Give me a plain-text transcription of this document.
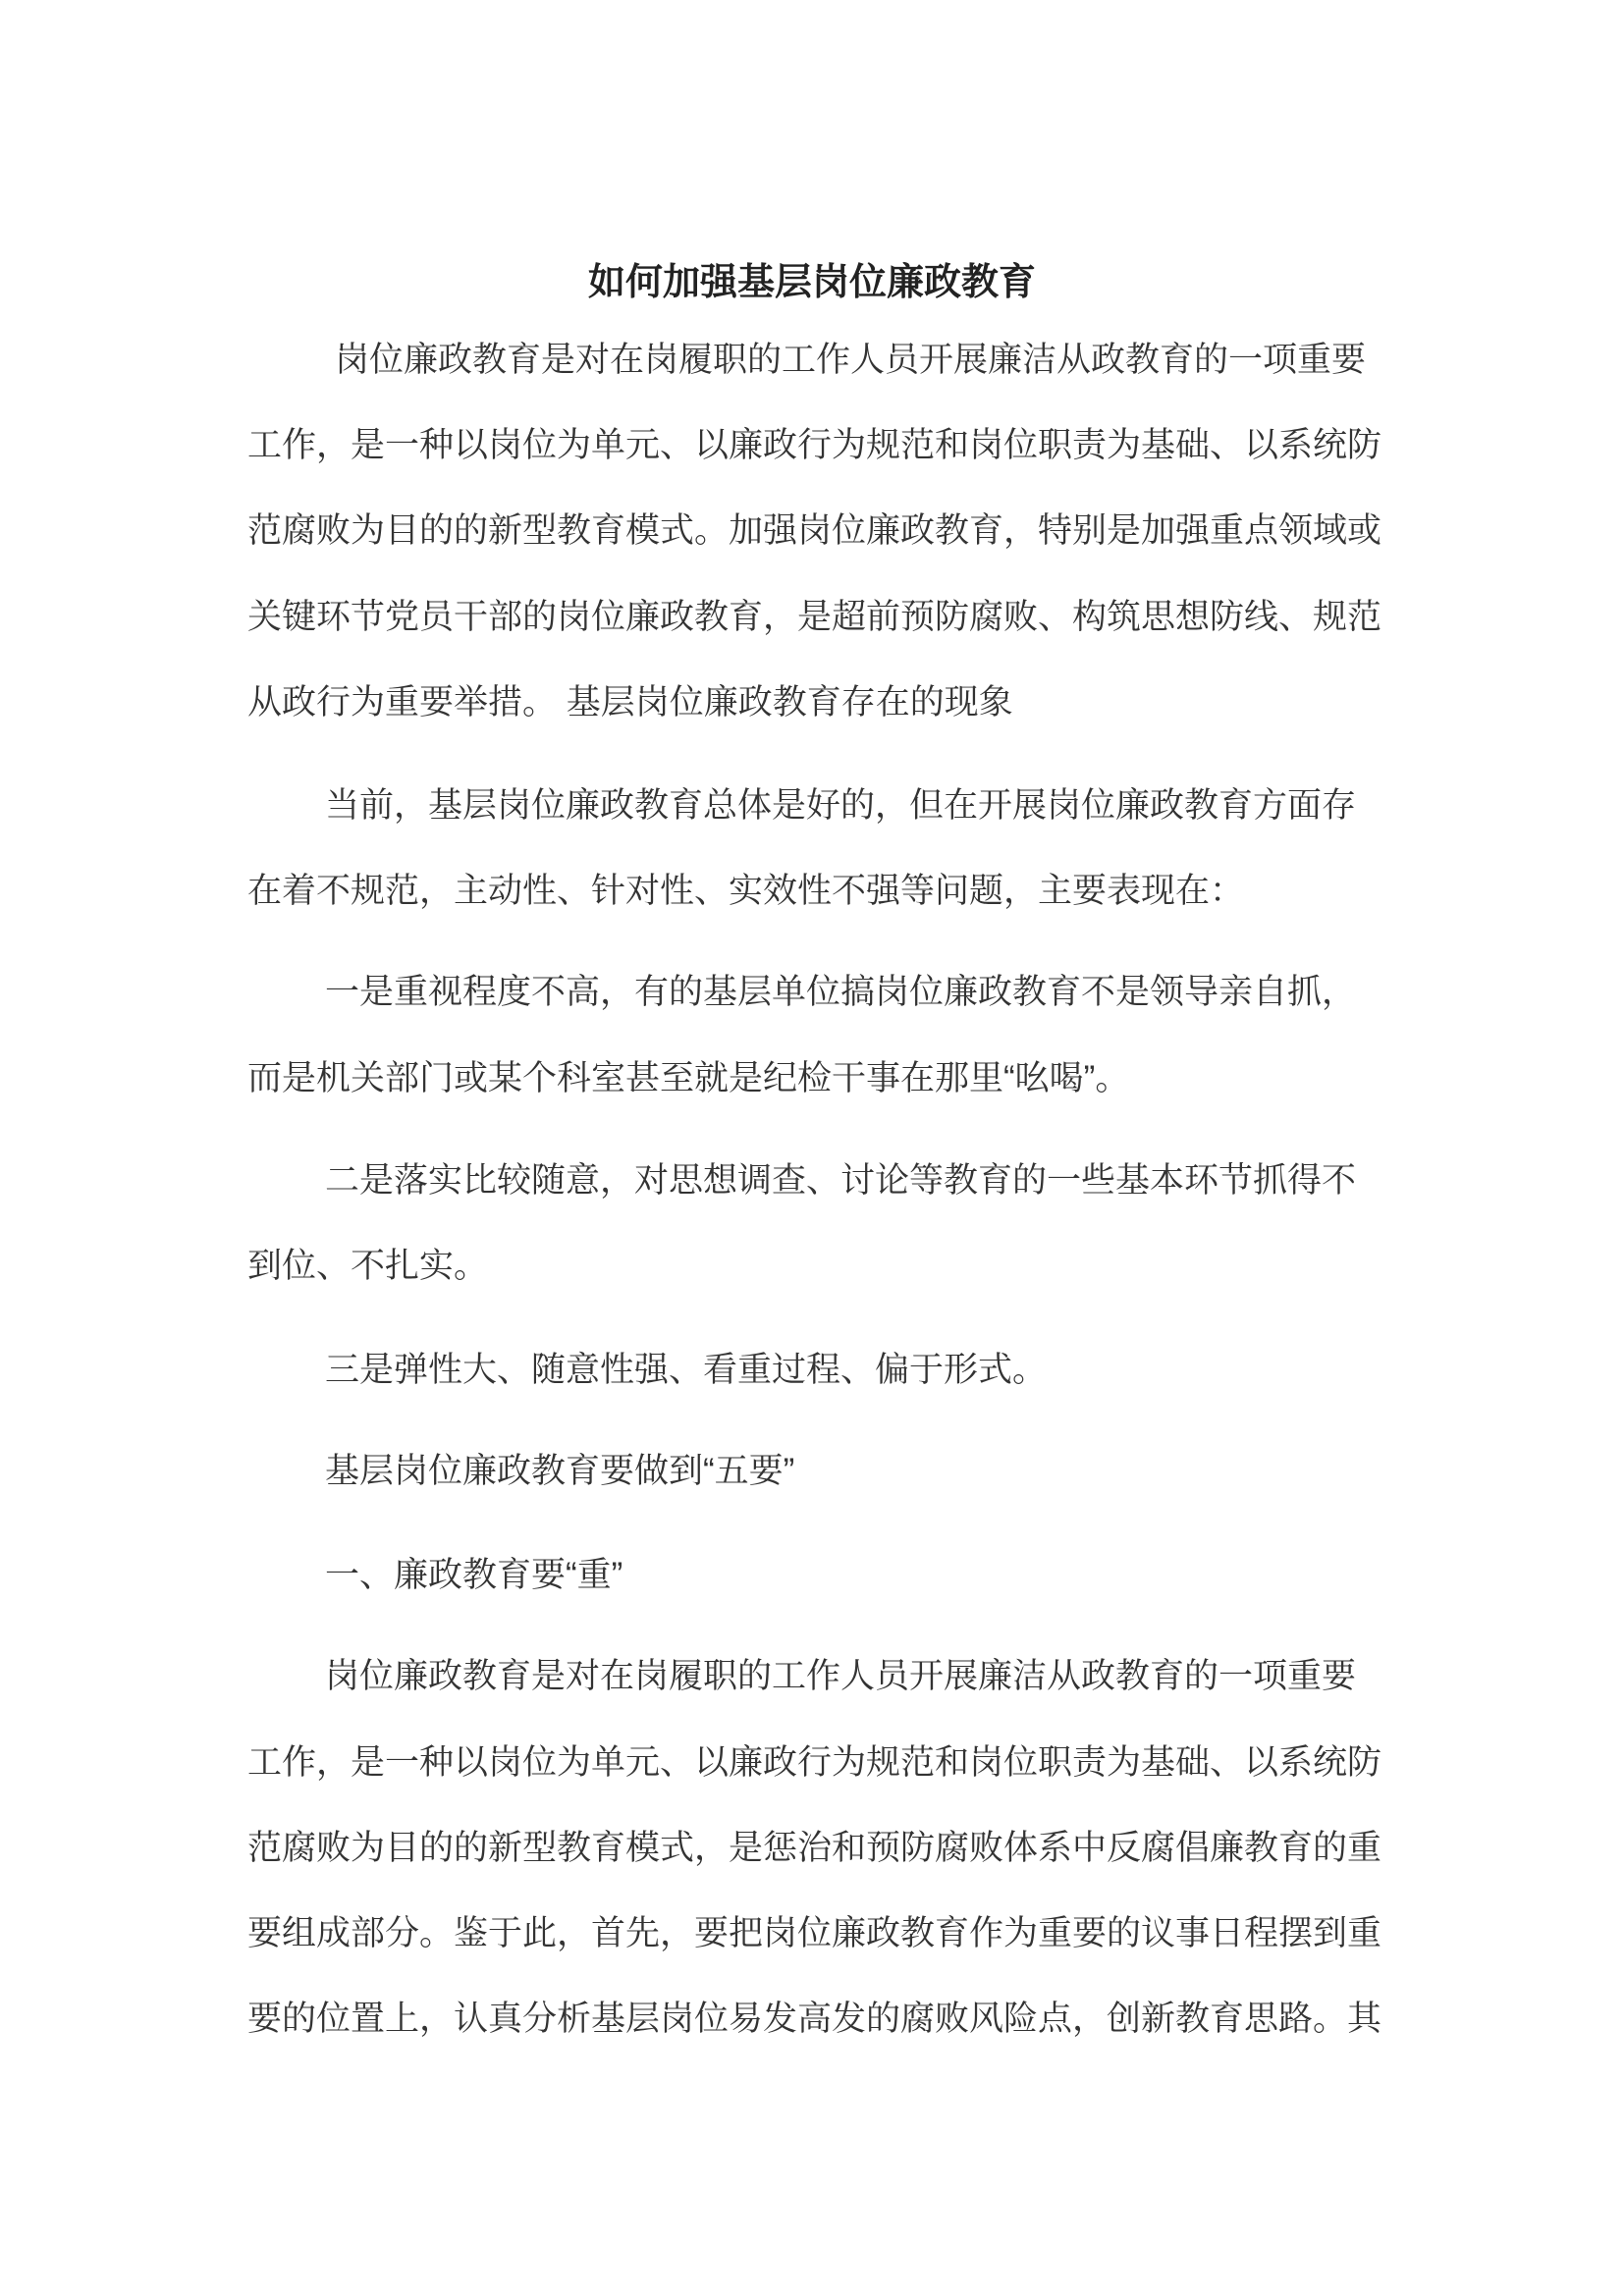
如何加强基层岗位廉政教育
岗位廉政教育是对在岗履职的工作人员开展廉洁从政教育的一项重要
工作，是一种以岗位为单元、以廉政行为规范和岗位职责为基础、以系统防
范腐败为目的的新型教育模式。加强岗位廉政教育，特别是加强重点领域或
关键环节党员干部的岗位廉政教育，是超前预防腐败、构筑思想防线、规范
从政行为重要举措。 基层岗位廉政教育存在的现象
当前，基层岗位廉政教育总体是好的，但在开展岗位廉政教育方面存
在着不规范，主动性、针对性、实效性不强等问题，主要表现在：
一是重视程度不高，有的基层单位搞岗位廉政教育不是领导亲自抓，
而是机关部门或某个科室甚至就是纪检干事在那里“吆喝”。
二是落实比较随意，对思想调查、讨论等教育的一些基本环节抓得不
到位、不扎实。
三是弹性大、随意性强、看重过程、偏于形式。
基层岗位廉政教育要做到“五要”
一、廉政教育要“重”
岗位廉政教育是对在岗履职的工作人员开展廉洁从政教育的一项重要
工作，是一种以岗位为单元、以廉政行为规范和岗位职责为基础、以系统防
范腐败为目的的新型教育模式，是惩治和预防腐败体系中反腐倡廉教育的重
要组成部分。鉴于此，首先，要把岗位廉政教育作为重要的议事日程摆到重
要的位置上，认真分析基层岗位易发高发的腐败风险点，创新教育思路。其
